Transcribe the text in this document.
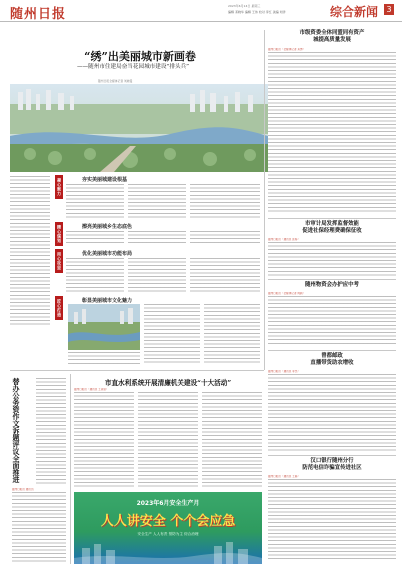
随州日报
2023年6月14日 星期三
编辑 邓晓华 编辑 王伟 校对 李红 美编 刘洋	综合新闻	3
“绣”出美丽城市新画卷
——随州市住建局奋当花园城市建设“排头兵”
随州日报全媒体记者 刘晓曼
凝心聚力	夯实美丽城建设根基
精心谋划	擦亮美丽城乡生态底色
用心攻坚	优化美丽城市功能布局
匠心打造	彰显美丽城市文化魅力
市级资委全体同盟同有资产
城提高质量发展
随州日报讯（全媒体记者 邓勇）
市审计局发挥监督效能
促进社保经理费确保征收
随州日报讯（通讯员 张杨）
随州物资会办护应中考
随州日报讯（全媒体记者 周鸥）
曾都邮政
直播带货助农增收
随州日报讯（通讯员 李杰）
汉口银行随州分行
防范电信诈骗宣传进社区
随州日报讯（通讯员 王娟）
替办公务资作文诉题评议全面推进
随州日报讯 通讯员
市直水利系统开展清廉机关建设“十大活动”
随州日报讯（通讯员 王冰思）
2023年6月安全生产月
人人讲安全 个个会应急
安全生产 人人有责 预防为主 综合治理
